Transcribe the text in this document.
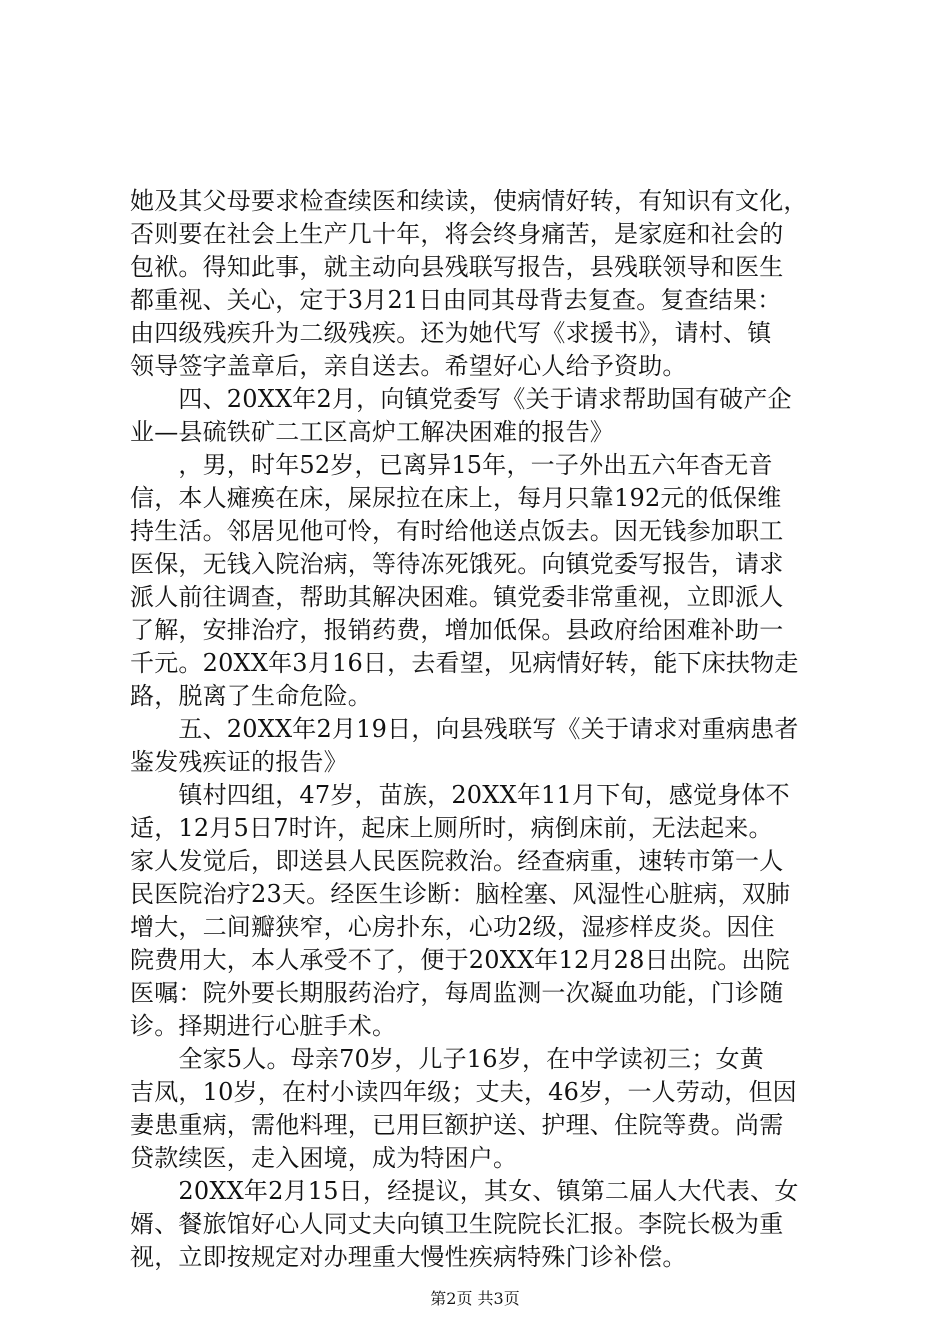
她及其父母要求检查续医和续读，使病情好转，有知识有文化，
否则要在社会上生产几十年，将会终身痛苦，是家庭和社会的
包袱。得知此事，就主动向县残联写报告，县残联领导和医生
都重视、关心，定于3月21日由同其母背去复查。复查结果：
由四级残疾升为二级残疾。还为她代写《求援书》，请村、镇
领导签字盖章后，亲自送去。希望好心人给予资助。
　　四、20XX年2月，向镇党委写《关于请求帮助国有破产企
业—县硫铁矿二工区高炉工解决困难的报告》
　　，男，时年52岁，已离异15年，一子外出五六年杳无音
信，本人瘫痪在床，屎尿拉在床上，每月只靠192元的低保维
持生活。邻居见他可怜，有时给他送点饭去。因无钱参加职工
医保，无钱入院治病，等待冻死饿死。向镇党委写报告，请求
派人前往调查，帮助其解决困难。镇党委非常重视，立即派人
了解，安排治疗，报销药费，增加低保。县政府给困难补助一
千元。20XX年3月16日，去看望，见病情好转，能下床扶物走
路，脱离了生命危险。
　　五、20XX年2月19日，向县残联写《关于请求对重病患者
鉴发残疾证的报告》
　　镇村四组，47岁，苗族，20XX年11月下旬，感觉身体不
适，12月5日7时许，起床上厕所时，病倒床前，无法起来。
家人发觉后，即送县人民医院救治。经查病重，速转市第一人
民医院治疗23天。经医生诊断：脑栓塞、风湿性心脏病，双肺
增大，二间瓣狭窄，心房扑东，心功2级，湿疹样皮炎。因住
院费用大，本人承受不了，便于20XX年12月28日出院。出院
医嘱：院外要长期服药治疗，每周监测一次凝血功能，门诊随
诊。择期进行心脏手术。
　　全家5人。母亲70岁，儿子16岁，在中学读初三；女黄
吉凤，10岁，在村小读四年级；丈夫，46岁，一人劳动，但因
妻患重病，需他料理，已用巨额护送、护理、住院等费。尚需
贷款续医，走入困境，成为特困户。
　　20XX年2月15日，经提议，其女、镇第二届人大代表、女
婿、餐旅馆好心人同丈夫向镇卫生院院长汇报。李院长极为重
视，立即按规定对办理重大慢性疾病特殊门诊补偿。
第2页 共3页
